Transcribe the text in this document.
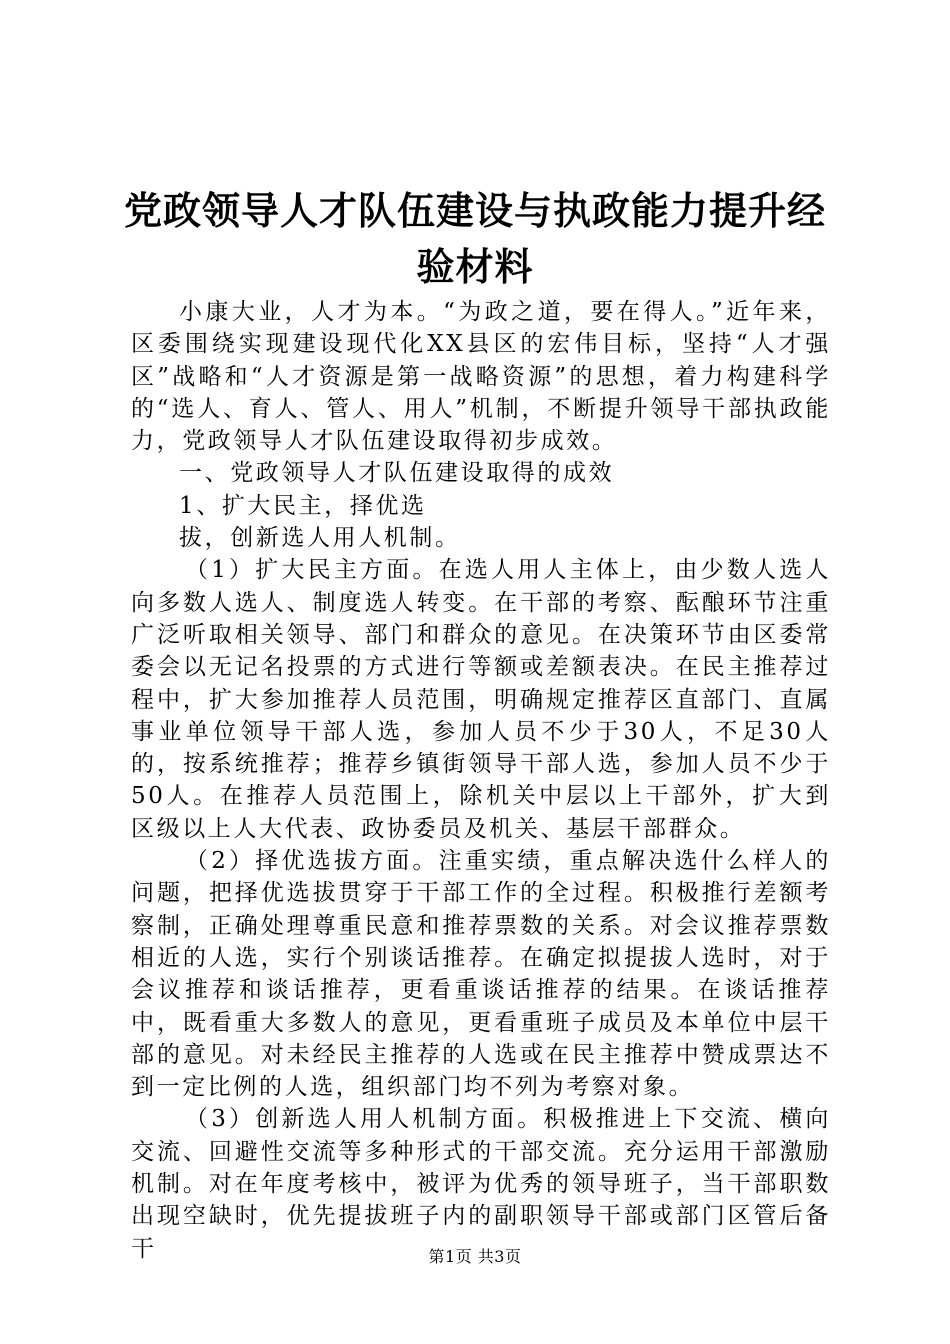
党政领导人才队伍建设与执政能力提升经验材料

小康大业，人才为本。“为政之道，要在得人。”近年来，区委围绕实现建设现代化XX县区的宏伟目标，坚持“人才强区”战略和“人才资源是第一战略资源”的思想，着力构建科学的“选人、育人、管人、用人”机制，不断提升领导干部执政能力，党政领导人才队伍建设取得初步成效。

一、党政领导人才队伍建设取得的成效

1、扩大民主，择优选

拔，创新选人用人机制。

（1）扩大民主方面。在选人用人主体上，由少数人选人向多数人选人、制度选人转变。在干部的考察、酝酿环节注重广泛听取相关领导、部门和群众的意见。在决策环节由区委常委会以无记名投票的方式进行等额或差额表决。在民主推荐过程中，扩大参加推荐人员范围，明确规定推荐区直部门、直属事业单位领导干部人选，参加人员不少于30人，不足30人的，按系统推荐；推荐乡镇街领导干部人选，参加人员不少于50人。在推荐人员范围上，除机关中层以上干部外，扩大到区级以上人大代表、政协委员及机关、基层干部群众。

（2）择优选拔方面。注重实绩，重点解决选什么样人的问题，把择优选拔贯穿于干部工作的全过程。积极推行差额考察制，正确处理尊重民意和推荐票数的关系。对会议推荐票数相近的人选，实行个别谈话推荐。在确定拟提拔人选时，对于会议推荐和谈话推荐，更看重谈话推荐的结果。在谈话推荐中，既看重大多数人的意见，更看重班子成员及本单位中层干部的意见。对未经民主推荐的人选或在民主推荐中赞成票达不到一定比例的人选，组织部门均不列为考察对象。

（3）创新选人用人机制方面。积极推进上下交流、横向交流、回避性交流等多种形式的干部交流。充分运用干部激励机制。对在年度考核中，被评为优秀的领导班子，当干部职数出现空缺时，优先提拔班子内的副职领导干部或部门区管后备干	第1页 共3页
